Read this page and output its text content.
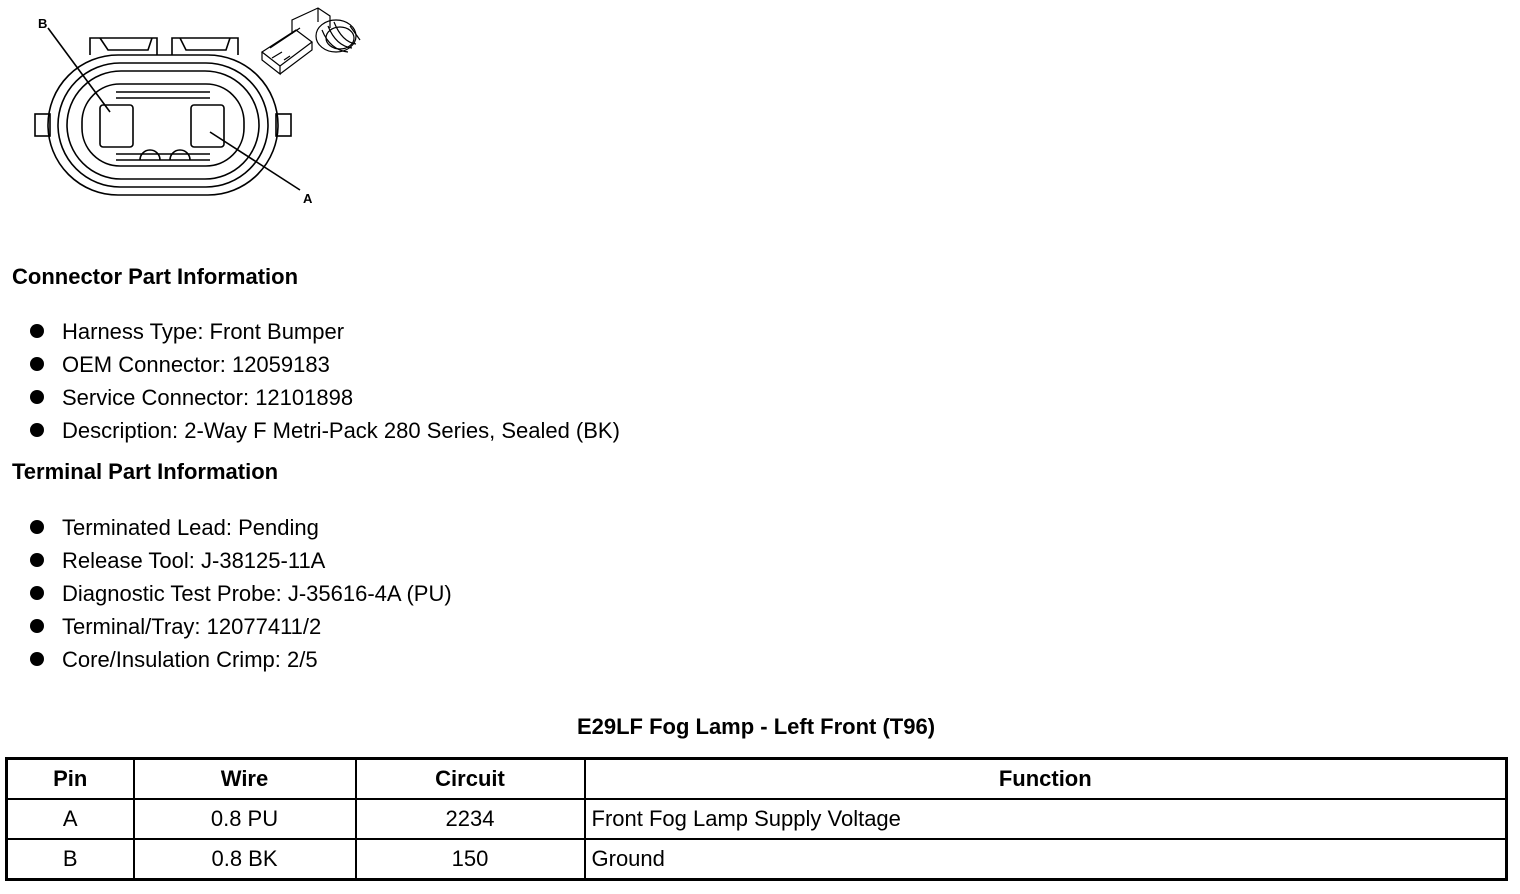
B
A
Connector Part Information
Harness Type: Front Bumper
OEM Connector: 12059183
Service Connector: 12101898
Description: 2-Way F Metri-Pack 280 Series, Sealed (BK)
Terminal Part Information
Terminated Lead: Pending
Release Tool: J-38125-11A
Diagnostic Test Probe: J-35616-4A (PU)
Terminal/Tray: 12077411/2
Core/Insulation Crimp: 2/5
E29LF Fog Lamp - Left Front (T96)
Pin	Wire	Circuit	Function
A	0.8 PU	2234	Front Fog Lamp Supply Voltage
B	0.8 BK	150	Ground
